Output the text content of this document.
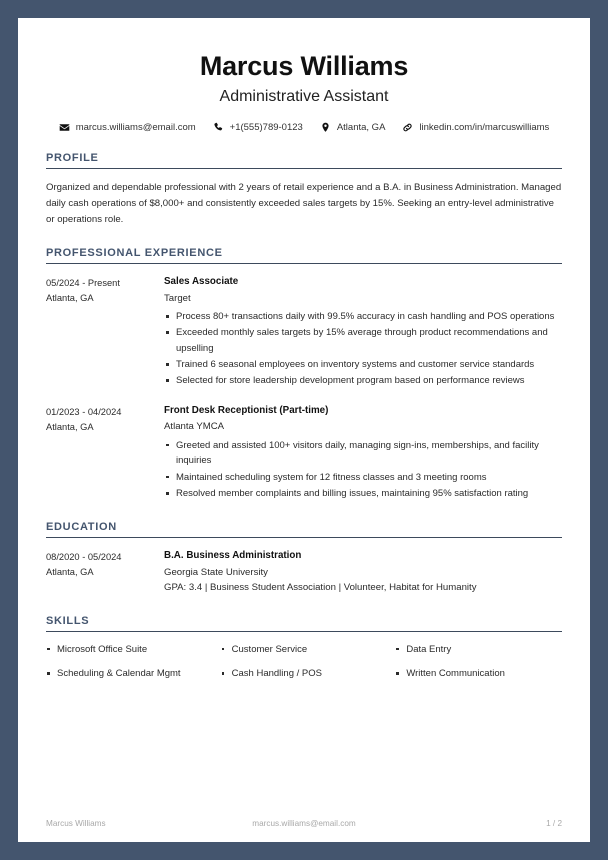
Marcus Williams
Administrative Assistant
marcus.williams@email.com	+1(555)789-0123	Atlanta, GA	linkedin.com/in/marcuswilliams
PROFILE

Organized and dependable professional with 2 years of retail experience and a B.A. in Business Administration. Managed daily cash operations of $8,000+ and consistently exceeded sales targets by 15%. Seeking an entry-level administrative or operations role.

PROFESSIONAL EXPERIENCE
05/2024 - Present
Atlanta, GA
Sales Associate
Target
Process 80+ transactions daily with 99.5% accuracy in cash handling and POS operations
Exceeded monthly sales targets by 15% average through product recommendations and upselling
Trained 6 seasonal employees on inventory systems and customer service standards
Selected for store leadership development program based on performance reviews
01/2023 - 04/2024
Atlanta, GA
Front Desk Receptionist (Part-time)
Atlanta YMCA
Greeted and assisted 100+ visitors daily, managing sign-ins, memberships, and facility inquiries
Maintained scheduling system for 12 fitness classes and 3 meeting rooms
Resolved member complaints and billing issues, maintaining 95% satisfaction rating
EDUCATION
08/2020 - 05/2024
Atlanta, GA
B.A. Business Administration
Georgia State University
GPA: 3.4 | Business Student Association | Volunteer, Habitat for Humanity
SKILLS
Microsoft Office Suite	Customer Service	Data Entry
Scheduling & Calendar Mgmt	Cash Handling / POS	Written Communication
Marcus Williams	marcus.williams@email.com	1 / 2
